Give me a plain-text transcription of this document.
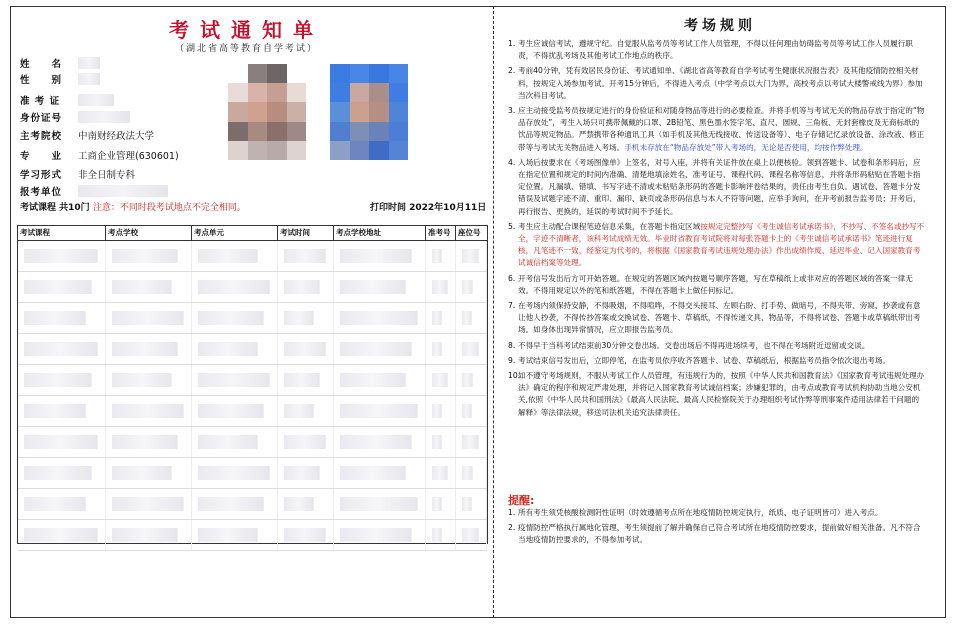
考试通知单
（湖北省高等教育自学考试）
姓　　名
性　　别
准 考 证
身份证号
主考院校	中南财经政法大学
专　　业	工商企业管理(630601)
学习形式	非全日制专科
报考单位
考试课程 共10门 注意：不同时段考试地点不完全相同。	打印时间 2022年10月11日
考试课程	考点学校	考点单元	考试时间	考点学校地址	准考号	座位号
考场规则
1. 考生应诚信考试，遵规守纪。自觉服从监考员等考试工作人员管理，不得以任何理由妨碍监考员等考试工作人员履行职责，不得扰乱考场及其他考试工作地点的秩序。
2. 考前40分钟，凭有效居民身份证、考试通知单、《湖北省高等教育自学考试考生健康状况报告表》及其他疫情防控相关材料，按规定入场参加考试。开考15分钟后，不得进入考点（中学考点以大门为界，高校考点以考试大楼警戒线为界）参加当次科目考试。
3. 应主动接受监考员按规定进行的身份验证和对随身物品等进行的必要检查。并将手机等与考试无关的物品存放于指定的“物品存放处”，考生入场只可携带佩戴的口罩、2B铅笔、黑色墨水签字笔、直尺、圆规、三角板、无封套橡皮及无商标纸的饮品等规定物品。严禁携带各种通讯工具（如手机及其他无线接收、传送设备等）、电子存储记忆录放设备、涂改液、修正带等与考试无关物品进入考场。手机未存放在“物品存放处”带入考场的，无论是否使用，均按作弊处理。
4. 入场后按要求在《考场图像单》上签名，对号入座，并将有关证件放在桌上以便核验。领到答题卡、试卷和条形码后，应在指定位置和规定的时间内准确、清楚地填涂姓名、准考证号、课程代码、课程名称等信息，并将条形码粘贴在答题卡指定位置。凡漏填、错填、书写字迹不清或未粘贴条形码的答题卡影响评卷结果的，责任由考生自负。遇试卷、答题卡分发错误及试题字迹不清、重印、漏印、缺页或条形码信息与本人不符等问题，应举手询问，在开考前报告监考员；开考后，再行报告、更换的，延误的考试时间不予延长。
5. 考生应主动配合课程笔迹信息采集，在答题卡指定区域按规定完整抄写《考生诚信考试承诺书》，不抄写、不签名或抄写不全，字迹不清晰者，该科考试成绩无效。毕业时省教育考试院将对每张答题卡上的《考生诚信考试承诺书》笔迹进行复核，凡笔迹不一致，经鉴定为代考的，将根据《国家教育考试违规处理办法》作出成绩作废、延迟毕业、记入国家教育考试诚信档案等处理。
6. 开考信号发出后方可开始答题。在规定的答题区域内按题号顺序答题，写在草稿纸上或非对应的答题区域的答案一律无效。不得用规定以外的笔和纸答题，不得在答题卡上做任何标记。
7. 在考场内须保持安静，不得吸烟，不得喧哗，不得交头接耳、左顾右盼、打手势、做暗号，不得夹带、旁窥、抄袭或有意让他人抄袭，不得传抄答案或交换试卷、答题卡、草稿纸，不得传递文具、物品等，不得将试卷、答题卡或草稿纸带出考场。如身体出现异常情况，应立即报告监考员。
8. 不得早于当科考试结束前30分钟交卷出场。交卷出场后不得再进场续考，也不得在考场附近逗留或交谈。
9. 考试结束信号发出后，立即停笔，在监考员依序收齐答题卡、试卷、草稿纸后，根据监考员指令依次退出考场。
10.
如不遵守考场规则，不服从考试工作人员管理，有违规行为的，按照《中华人民共和国教育法》《国家教育考试违规处理办法》确定的程序和规定严肃处理，并将记入国家教育考试诚信档案；涉嫌犯罪的，由考点或教育考试机构协助当地公安机关,依照《中华人民共和国刑法》《最高人民法院、最高人民检察院关于办理组织考试作弊等刑事案件适用法律若干问题的解释》等法律法规，移送司法机关追究法律责任。
提醒:
1. 所有考生须凭核酸检测阴性证明（时效遵循考点所在地疫情防控规定执行，纸质、电子证明皆可）进入考点。
2. 疫情防控严格执行属地化管理，考生须提前了解并确保自己符合考试所在地疫情防控要求，提前做好相关准备。凡不符合当地疫情防控要求的，不得参加考试。
